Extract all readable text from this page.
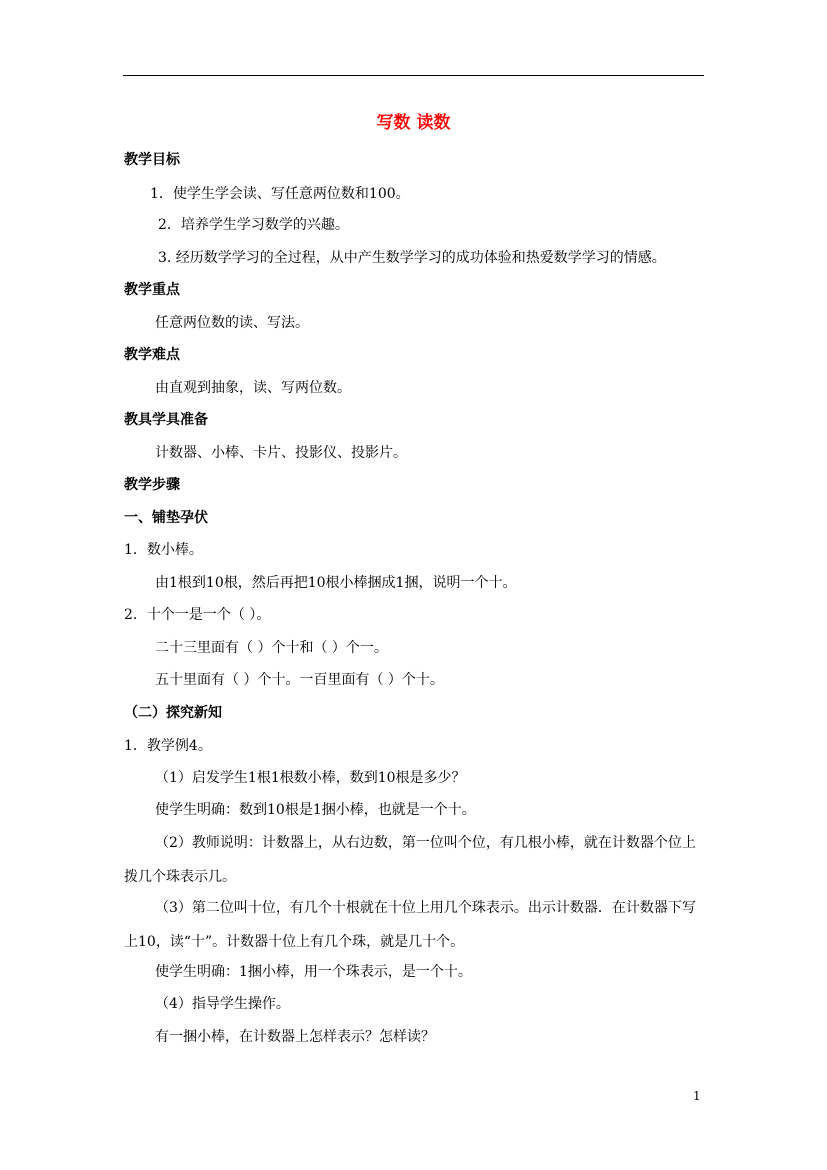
写数 读数
教学目标
1．使学生学会读、写任意两位数和100。
2．培养学生学习数学的兴趣。
3. 经历数学学习的全过程，从中产生数学学习的成功体验和热爱数学学习的情感。
教学重点
任意两位数的读、写法。
教学难点
由直观到抽象，读、写两位数。
教具学具准备
计数器、小棒、卡片、投影仪、投影片。
教学步骤
一、铺垫孕伏
1．数小棒。
由1根到10根，然后再把10根小棒捆成1捆，说明一个十。
2．十个一是一个（ ）。
二十三里面有（ ）个十和（ ）个一。
五十里面有（ ）个十。一百里面有（ ）个十。
（二）探究新知
1．教学例4。
（1）启发学生1根1根数小棒，数到10根是多少？
使学生明确：数到10根是1捆小棒，也就是一个十。
（2）教师说明：计数器上，从右边数，第一位叫个位，有几根小棒，就在计数器个位上拨几个珠表示几。
（3）第二位叫十位，有几个十根就在十位上用几个珠表示。出示计数器．在计数器下写上10，读“十”。计数器十位上有几个珠，就是几十个。
使学生明确：1捆小棒，用一个珠表示，是一个十。
（4）指导学生操作。
有一捆小棒，在计数器上怎样表示？怎样读？
1
